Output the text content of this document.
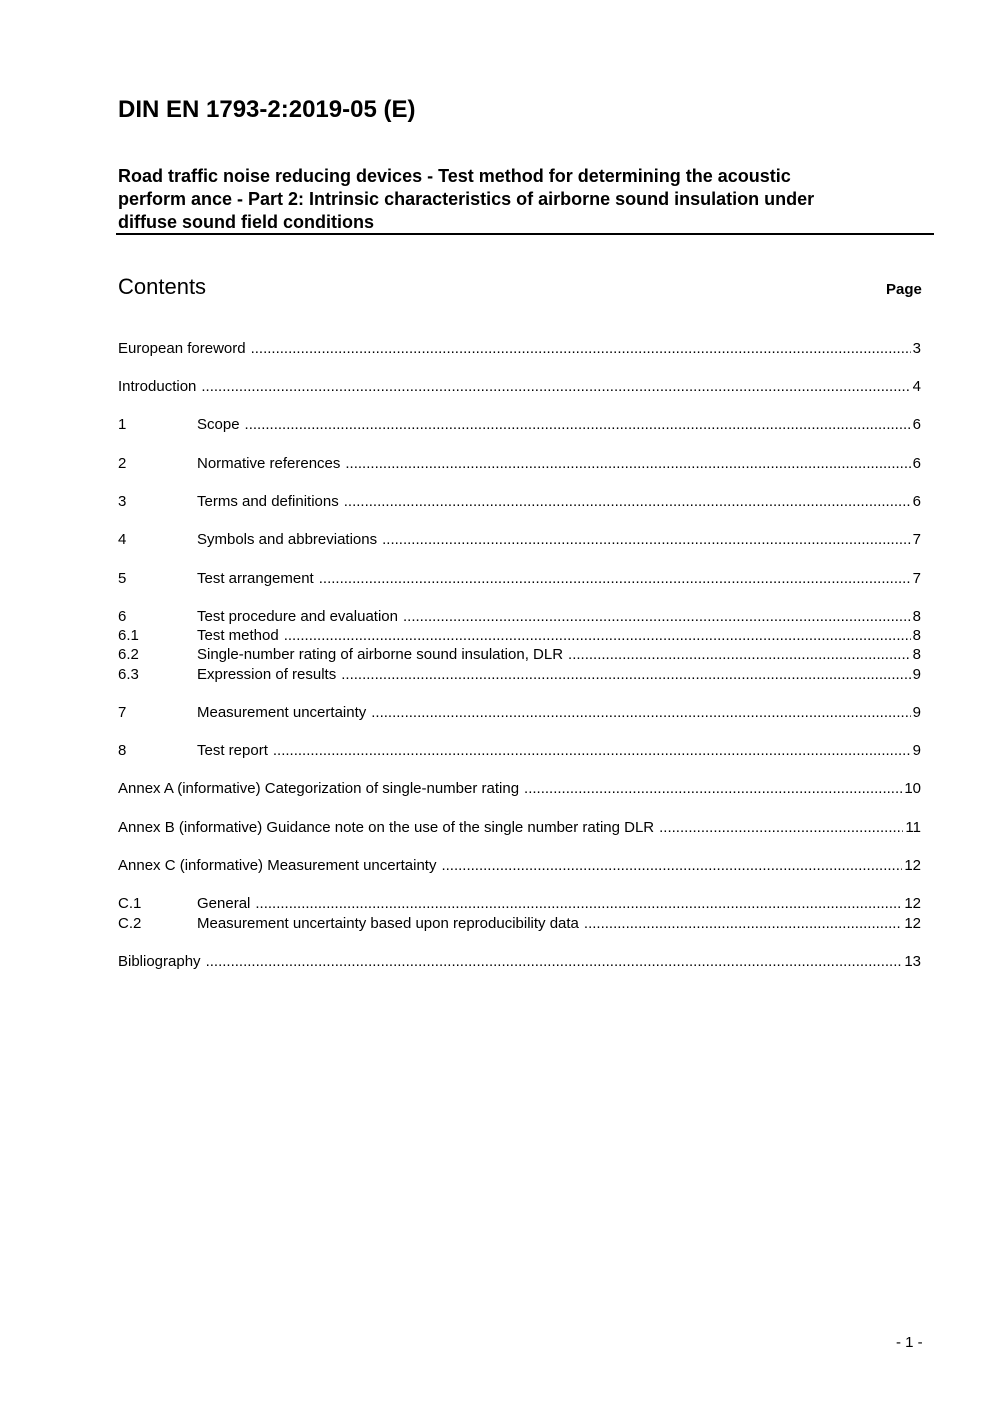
DIN EN 1793-2:2019-05 (E)
Road traffic noise reducing devices - Test method for determining the acoustic
perform ance - Part 2: Intrinsic characteristics of airborne sound insulation under
diffuse sound field conditions
Contents	Page
European foreword .....	3
Introduction .....	4
1	Scope .....	6
2	Normative references .....	6
3	Terms and definitions .....	6
4	Symbols and abbreviations .....	7
5	Test arrangement .....	7
6	Test procedure and evaluation .....	8
6.1	Test method .....	8
6.2	Single-number rating of airborne sound insulation, DLR .....	8
6.3	Expression of results .....	9
7	Measurement uncertainty .....	9
8	Test report .....	9
Annex A (informative) Categorization of single-number rating .....	10
Annex B (informative) Guidance note on the use of the single number rating DLR .....	11
Annex C (informative) Measurement uncertainty .....	12
C.1	General .....	12
C.2	Measurement uncertainty based upon reproducibility data .....	12
Bibliography .....	13
- 1 -
